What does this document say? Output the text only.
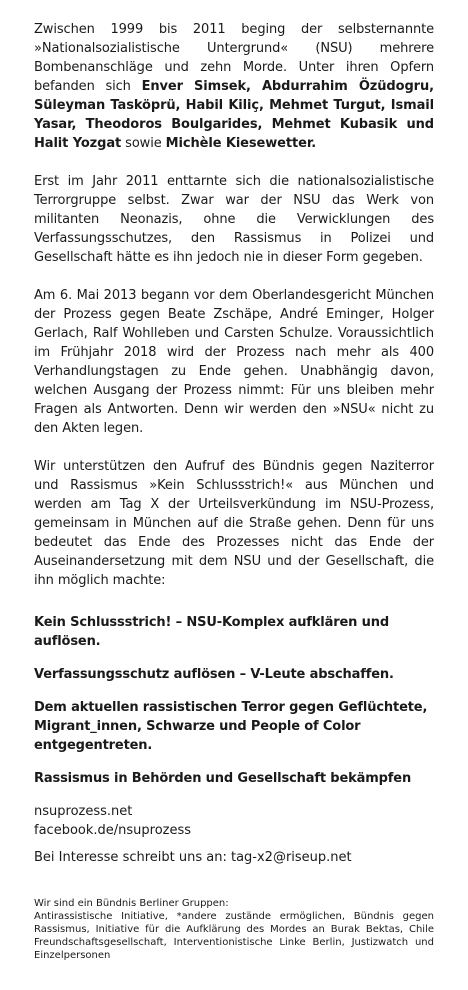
Zwischen 1999 bis 2011 beging der selbsternannte »Nationalsozialistische Untergrund« (NSU) mehrere Bombenanschläge und zehn Morde. Unter ihren Opfern befanden sich Enver Simsek, Abdurrahim Özüdogru, Süleyman Tasköprü, Habil Kiliç, Mehmet Turgut, Ismail Yasar, Theodoros Boulgarides, Mehmet Kubasik und Halit Yozgat sowie Michèle Kiesewetter.

Erst im Jahr 2011 enttarnte sich die nationalsozialistische Terrorgruppe selbst. Zwar war der NSU das Werk von militanten Neonazis, ohne die Verwicklungen des Verfassungsschutzes, den Rassismus in Polizei und Gesellschaft hätte es ihn jedoch nie in dieser Form gegeben.

Am 6. Mai 2013 begann vor dem Oberlandesgericht München der Prozess gegen Beate Zschäpe, André Eminger, Holger Gerlach, Ralf Wohlleben und Carsten Schulze. Voraussichtlich im Frühjahr 2018 wird der Prozess nach mehr als 400 Verhandlungstagen zu Ende gehen. Unabhängig davon, welchen Ausgang der Prozess nimmt: Für uns bleiben mehr Fragen als Antworten. Denn wir werden den »NSU« nicht zu den Akten legen.

Wir unterstützen den Aufruf des Bündnis gegen Naziterror und Rassismus »Kein Schlussstrich!« aus München und werden am Tag X der Urteilsverkündung im NSU-Prozess, gemeinsam in München auf die Straße gehen. Denn für uns bedeutet das Ende des Prozesses nicht das Ende der Auseinandersetzung mit dem NSU und der Gesellschaft, die ihn möglich machte:

Kein Schlussstrich! – NSU-Komplex aufklären und auflösen.

Verfassungsschutz auflösen – V-Leute abschaffen.

Dem aktuellen rassistischen Terror gegen Geflüchtete, Migrant_innen, Schwarze und People of Color entgegentreten.

Rassismus in Behörden und Gesellschaft bekämpfen

nsuprozess.net

facebook.de/nsuprozess

Bei Interesse schreibt uns an: tag-x2@riseup.net

Wir sind ein Bündnis Berliner Gruppen:

Antirassistische Initiative, *andere zustände ermöglichen, Bündnis gegen Rassismus, Initiative für die Aufklärung des Mordes an Burak Bektas, Chile Freundschaftsgesellschaft, Interventionistische Linke Berlin, Justizwatch und Einzelpersonen
